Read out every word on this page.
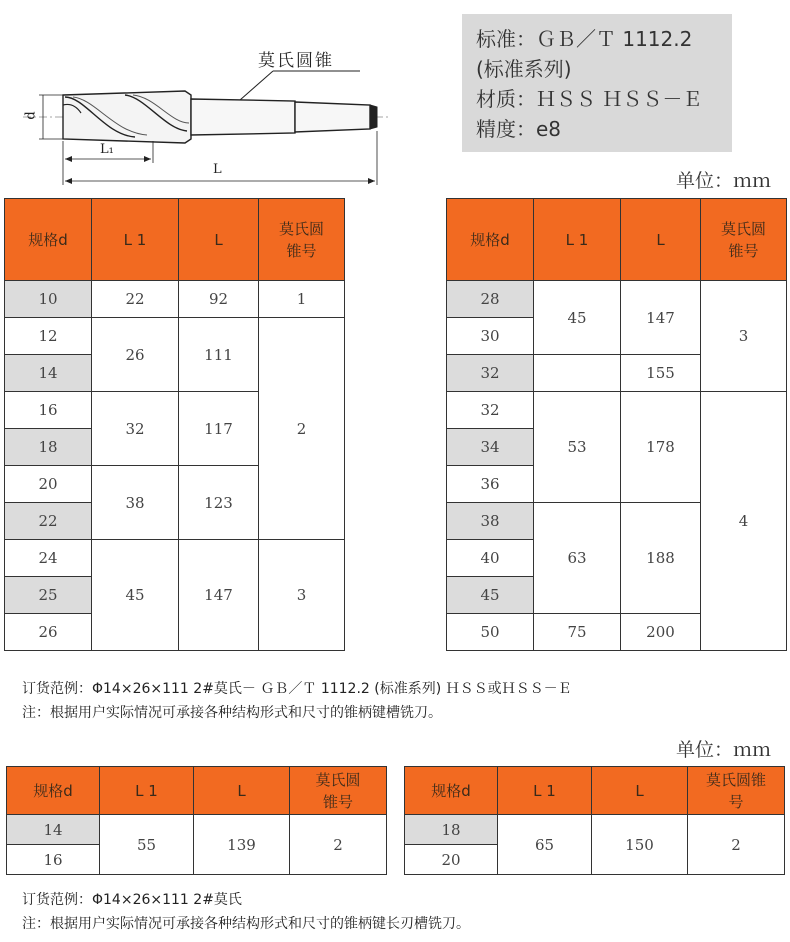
莫氏圆锥
d
L₁
L
标准：ＧＢ／Ｔ 1112.2
(标准系列)
材质：ＨＳＳ ＨＳＳ－Ｅ
精度：e8
单位：ｍｍ
规格d	L 1	L	莫氏圆锥号
10	22	92	1
12	26	111	2
14			
16	32	117	
18			
20	38	123	
22			
24	45	147	3
25			
26			
规格d	L 1	L	莫氏圆锥号
28	45	147	3
30			
32		155	
32	53	178	4
34			
36			
38	63	188	
40			
45			
50	75	200	
订货范例：Φ14×26×111 2#莫氏－ ＧＢ／Ｔ 1112.2 (标准系列) ＨＳＳ或ＨＳＳ－Ｅ
注：根据用户实际情况可承接各种结构形式和尺寸的锥柄键槽铣刀。
单位：ｍｍ
规格d	L 1	L	莫氏圆锥号
14	55	139	2
16			
规格d	L 1	L	莫氏圆锥号
18	65	150	2
20			
订货范例：Φ14×26×111 2#莫氏
注：根据用户实际情况可承接各种结构形式和尺寸的锥柄键长刃槽铣刀。
